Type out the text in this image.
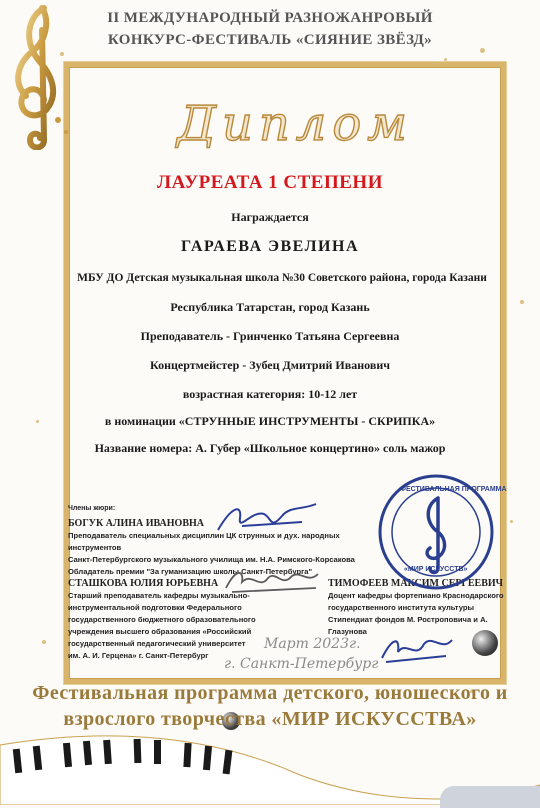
II МЕЖДУНАРОДНЫЙ РАЗНОЖАНРОВЫЙ
КОНКУРС-ФЕСТИВАЛЬ «СИЯНИЕ ЗВЁЗД»
Диплом
ЛАУРЕАТА 1 СТЕПЕНИ
Награждается
ГАРАЕВА ЭВЕЛИНА
МБУ ДО Детская музыкальная школа №30 Советского района, города Казани
Республика Татарстан, город Казань
Преподаватель - Гринченко Татьяна Сергеевна
Концертмейстер - Зубец Дмитрий Иванович
возрастная категория: 10-12 лет
в номинации «СТРУННЫЕ ИНСТРУМЕНТЫ - СКРИПКА»
Название номера: А. Губер «Школьное концертино» соль мажор
Члены жюри:
БОГУК АЛИНА ИВАНОВНА
Преподаватель специальных дисциплин ЦК струнных и дух. народных инструментов
Санкт-Петербургского музыкального училища им. Н.А. Римского-Корсакова
Обладатель премии "За гуманизацию школы Санкт-Петербурга"
СТАШКОВА ЮЛИЯ ЮРЬЕВНА
Старший преподаватель кафедры музыкально-
инструментальной подготовки Федерального
государственного бюджетного образовательного
учреждения высшего образования «Российский
государственный педагогический университет
им. А. И. Герцена» г. Санкт-Петербург
ТИМОФЕЕВ МАКСИМ СЕРГЕЕВИЧ
Доцент кафедры фортепиано Краснодарского
государственного института культуры
Стипендиат фондов М. Ростроповича и А. Глазунова
ФЕСТИВАЛЬНАЯ ПРОГРАММА
«МИР ИСКУССТВ»
Март 2023г.
г. Санкт-Петербург
Фестивальная программа детского, юношеского и
взрослого творчества «МИР ИСКУССТВА»
